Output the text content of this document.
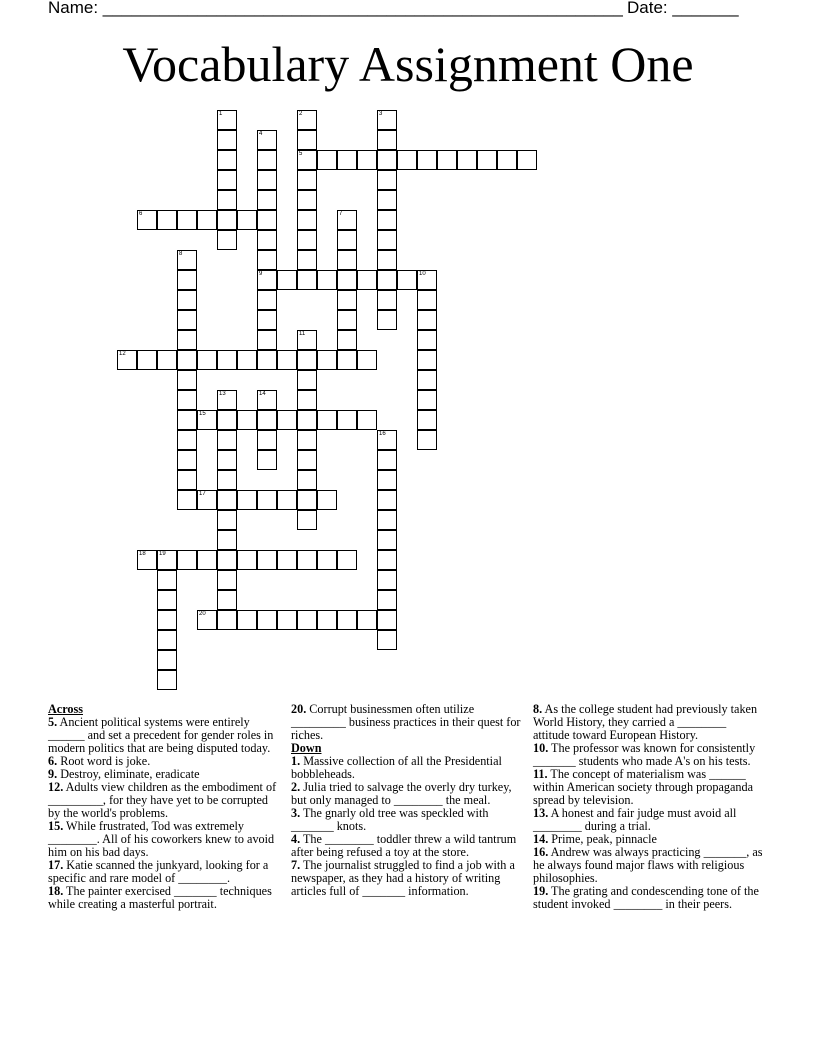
Name: _______________________________________________________ Date: _______
Vocabulary Assignment One
1	2
5
3
4
9
6	7
8
10
11
12
13	14
15
16
17
18 19
20
Across
5. Ancient political systems were entirely ______ and set a precedent for gender roles in modern politics that are being disputed today.
6. Root word is joke.
9. Destroy, eliminate, eradicate
12. Adults view children as the embodiment of _________, for they have yet to be corrupted by the world's problems.
15. While frustrated, Tod was extremely ________. All of his coworkers knew to avoid him on his bad days.
17. Katie scanned the junkyard, looking for a specific and rare model of ________.
18. The painter exercised _______ techniques while creating a masterful portrait.
20. Corrupt businessmen often utilize _________ business practices in their quest for riches.
Down
1. Massive collection of all the Presidential bobbleheads.
2. Julia tried to salvage the overly dry turkey, but only managed to ________ the meal.
3. The gnarly old tree was speckled with _______ knots.
4. The ________ toddler threw a wild tantrum after being refused a toy at the store.
7. The journalist struggled to find a job with a newspaper, as they had a history of writing articles full of _______ information.
8. As the college student had previously taken World History, they carried a ________ attitude toward European History.
10. The professor was known for consistently _______ students who made A's on his tests.
11. The concept of materialism was ______ within American society through propaganda spread by television.
13. A honest and fair judge must avoid all ________ during a trial.
14. Prime, peak, pinnacle
16. Andrew was always practicing _______, as he always found major flaws with religious philosophies.
19. The grating and condescending tone of the student invoked ________ in their peers.
